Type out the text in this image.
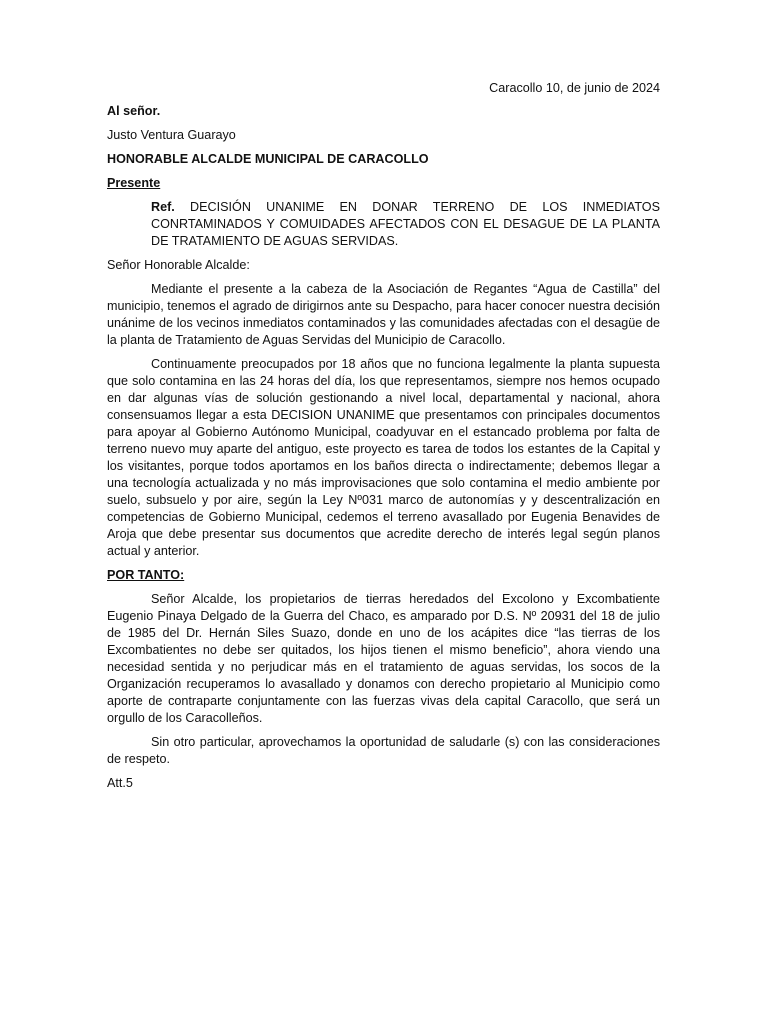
Caracollo 10, de junio de 2024

Al señor.

Justo Ventura Guarayo

HONORABLE ALCALDE MUNICIPAL DE CARACOLLO

Presente

Ref. DECISIÓN UNANIME EN DONAR TERRENO DE LOS INMEDIATOS CONRTAMINADOS Y COMUIDADES AFECTADOS CON EL DESAGUE DE LA PLANTA DE TRATAMIENTO DE AGUAS SERVIDAS.

Señor Honorable Alcalde:

Mediante el presente a la cabeza de la Asociación de Regantes “Agua de Castilla” del municipio, tenemos el agrado de dirigirnos ante su Despacho, para hacer conocer nuestra decisión unánime de los vecinos inmediatos contaminados y las comunidades afectadas con el desagüe de la planta de Tratamiento de Aguas Servidas del Municipio de Caracollo.

Continuamente preocupados por 18 años que no funciona legalmente la planta supuesta que solo contamina en las 24 horas del día, los que representamos, siempre nos hemos ocupado en dar algunas vías de solución gestionando a nivel local, departamental y nacional, ahora consensuamos llegar a esta DECISION UNANIME que presentamos con principales documentos para apoyar al Gobierno Autónomo Municipal, coadyuvar en el estancado problema por falta de terreno nuevo muy aparte del antiguo, este proyecto es tarea de todos los estantes de la Capital y los visitantes, porque todos aportamos en los baños directa o indirectamente; debemos llegar a una tecnología actualizada y no más improvisaciones que solo contamina el medio ambiente por suelo, subsuelo y por aire, según la Ley Nº031 marco de autonomías y y descentralización en competencias de Gobierno Municipal, cedemos el terreno avasallado por Eugenia Benavides de Aroja que debe presentar sus documentos que acredite derecho de interés legal según planos actual y anterior.

POR TANTO:

Señor Alcalde, los propietarios de tierras heredados del Excolono y Excombatiente Eugenio Pinaya Delgado de la Guerra del Chaco, es amparado por D.S. Nº 20931 del 18 de julio de 1985 del Dr. Hernán Siles Suazo, donde en uno de los acápites dice “las tierras de los Excombatientes no debe ser quitados, los hijos tienen el mismo beneficio”, ahora viendo una necesidad sentida y no perjudicar más en el tratamiento de aguas servidas, los socos de la Organización recuperamos lo avasallado y donamos con derecho propietario al Municipio como aporte de contraparte conjuntamente con las fuerzas vivas dela capital Caracollo, que será un orgullo de los Caracolleños.

Sin otro particular, aprovechamos la oportunidad de saludarle (s) con las consideraciones de respeto.

Att.5
